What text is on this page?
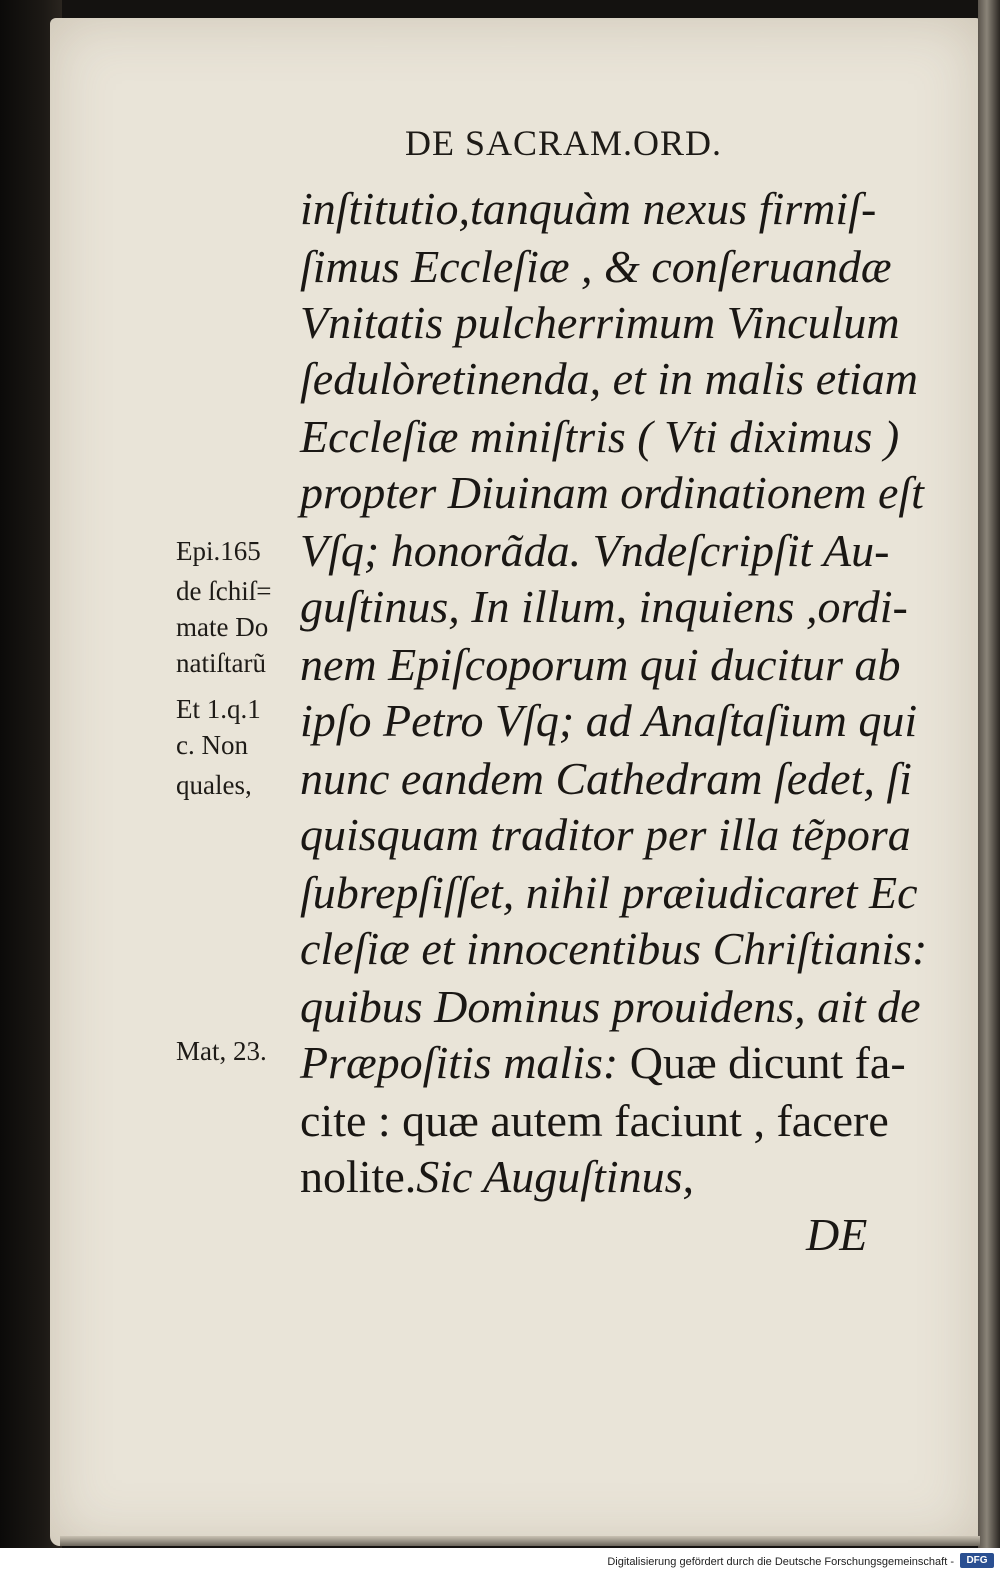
DE SACRAM.ORD.
inſtitutio,tanquàm nexus firmiſ-
ſimus Eccleſiæ , & conſeruandæ
Vnitatis pulcherrimum Vinculum
ſedulòretinenda, et in malis etiam
Eccleſiæ miniſtris ( Vti diximus )
propter Diuinam ordinationem eſt
Vſq; honorãda. Vndeſcripſit Au-
guſtinus, In illum, inquiens ,ordi-
nem Epiſcoporum qui ducitur ab
ipſo Petro Vſq; ad Anaſtaſium qui
nunc eandem Cathedram ſedet, ſi
quisquam traditor per illa tẽpora
ſubrepſiſſet, nihil præiudicaret Ec
cleſiæ et innocentibus Chriſtianis:
quibus Dominus prouidens, ait de
Præpoſitis malis: Quæ dicunt fa-
cite : quæ autem faciunt , facere
nolite.Sic Auguſtinus,
Epi.165
de ſchiſ=
mate Do
natiſtarũ
Et 1.q.1
c. Non
quales,
Mat, 23.
DE
Digitalisierung gefördert durch die Deutsche Forschungsgemeinschaft -	DFG
